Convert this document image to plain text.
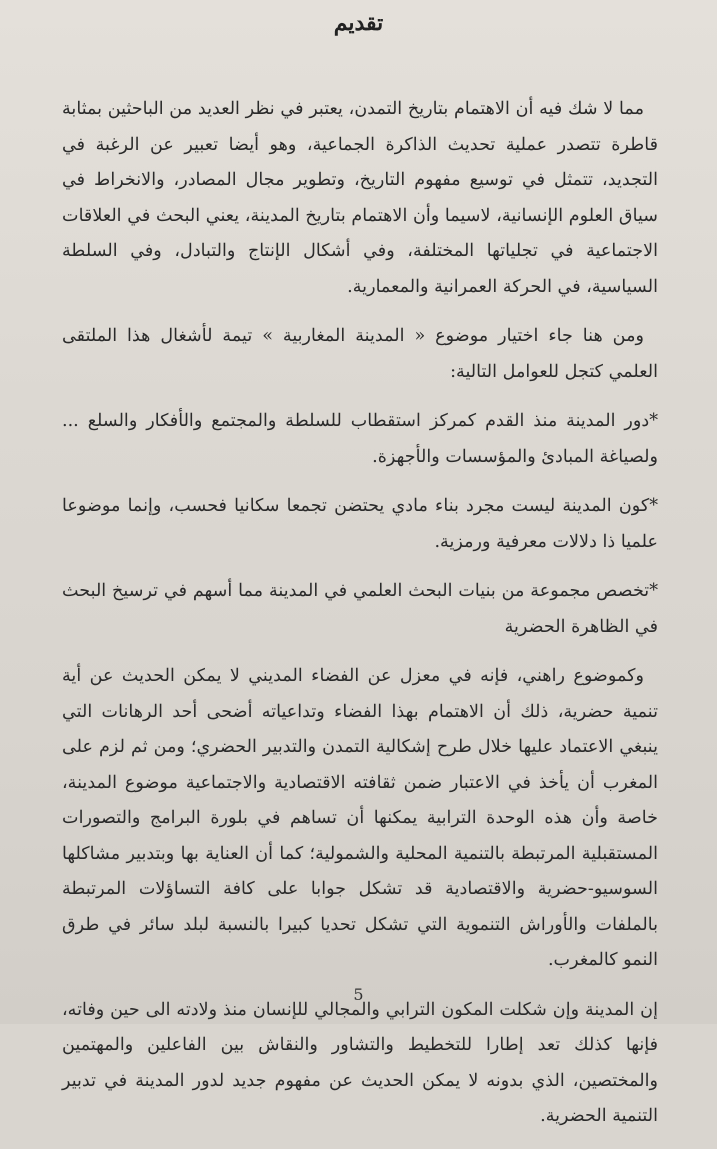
تقديم

مما لا شك فيه أن الاهتمام بتاريخ التمدن، يعتبر في نظر العديد من الباحثين بمثابة قاطرة تتصدر عملية تحديث الذاكرة الجماعية، وهو أيضا تعبير عن الرغبة في التجديد، تتمثل في توسيع مفهوم التاريخ، وتطوير مجال المصادر، والانخراط في سياق العلوم الإنسانية، لاسيما وأن الاهتمام بتاريخ المدينة، يعني البحث في العلاقات الاجتماعية في تجلياتها المختلفة، وفي أشكال الإنتاج والتبادل، وفي السلطة السياسية، في الحركة العمرانية والمعمارية.

ومن هنا جاء اختيار موضوع « المدينة المغاربية » تيمة لأشغال هذا الملتقى العلمي كتجل للعوامل التالية:

*دور المدينة منذ القدم كمركز استقطاب للسلطة والمجتمع والأفكار والسلع ... ولصياغة المبادئ والمؤسسات والأجهزة.

*كون المدينة ليست مجرد بناء مادي يحتضن تجمعا سكانيا فحسب، وإنما موضوعا علميا ذا دلالات معرفية ورمزية.

*تخصص مجموعة من بنيات البحث العلمي في المدينة مما أسهم في ترسيخ البحث في الظاهرة الحضرية

وكموضوع راهني، فإنه في معزل عن الفضاء المديني لا يمكن الحديث عن أية تنمية حضرية، ذلك أن الاهتمام بهذا الفضاء وتداعياته أضحى أحد الرهانات التي ينبغي الاعتماد عليها خلال طرح إشكالية التمدن والتدبير الحضري؛ ومن ثم لزم على المغرب أن يأخذ في الاعتبار ضمن ثقافته الاقتصادية والاجتماعية موضوع المدينة، خاصة وأن هذه الوحدة الترابية يمكنها أن تساهم في بلورة البرامج والتصورات المستقبلية المرتبطة بالتنمية المحلية والشمولية؛ كما أن العناية بها وبتدبير مشاكلها السوسيو-حضرية والاقتصادية قد تشكل جوابا على كافة التساؤلات المرتبطة بالملفات والأوراش التنموية التي تشكل تحديا كبيرا بالنسبة لبلد سائر في طرق النمو كالمغرب.

إن المدينة وإن شكلت المكون الترابي والمجالي للإنسان منذ ولادته الى حين وفاته، فإنها كذلك تعد إطارا للتخطيط والتشاور والنقاش بين الفاعلين والمهتمين والمختصين، الذي بدونه لا يمكن الحديث عن مفهوم جديد لدور المدينة في تدبير التنمية الحضرية.

5
